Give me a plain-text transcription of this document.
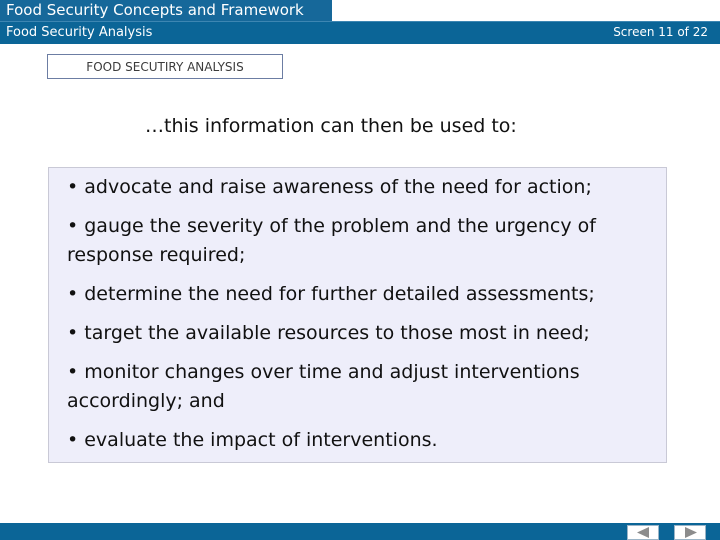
Food Security Concepts and Framework
Food Security Analysis	Screen 11 of 22
FOOD SECUTIRY ANALYSIS
…this information can then be used to:
• advocate and raise awareness of the need for action;
• gauge the severity of the problem and the urgency of response required;
• determine the need for further detailed assessments;
• target the available resources to those most in need;
• monitor changes over time and adjust interventions accordingly; and
• evaluate the impact of interventions.
